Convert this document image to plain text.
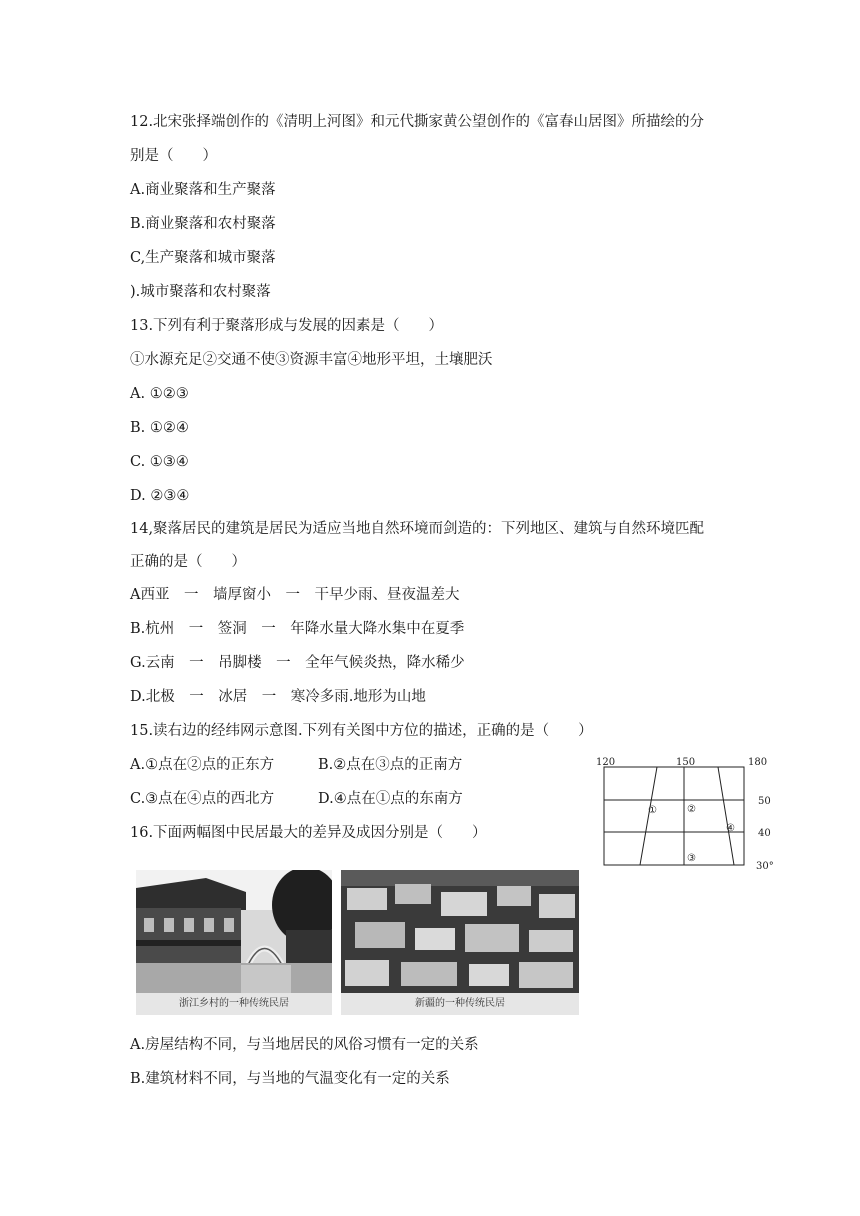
12.北宋张择端创作的《清明上河图》和元代撕家黄公望创作的《富春山居图》所描绘的分
别是（　　）
A.商业聚落和生产聚落
B.商业聚落和农村聚落
C,生产聚落和城市聚落
).城市聚落和农村聚落
13.下列有利于聚落形成与发展的因素是（　　）
①水源充足②交通不使③资源丰富④地形平坦，土壤肥沃
A. ①②③
B. ①②④
C. ①③④
D. ②③④
14,聚落居民的建筑是居民为适应当地自然环境而剑造的：下列地区、建筑与自然环境匹配
正确的是（　　）
A西亚　一　墙厚窗小　一　干早少雨、昼夜温差大
B.杭州　一　签洞　一　年降水量大降水集中在夏季
G.云南　一　吊脚楼　一　全年气候炎热，降水稀少
D.北极　一　冰居　一　寒冷多雨.地形为山地
15.读右边的经纬网示意图.下列有关图中方位的描述，正确的是（　　）
A.①点在②点的正东方	B.②点在③点的正南方
C.③点在④点的西北方	D.④点在①点的东南方
120	150	180
50
40
30°
①	②
③
④
16.下面两幅图中民居最大的差异及成因分别是（　　）
浙江乡村的一种传统民居	新疆的一种传统民居
A.房屋结构不同，与当地居民的风俗习惯有一定的关系
B.建筑材料不同，与当地的气温变化有一定的关系
